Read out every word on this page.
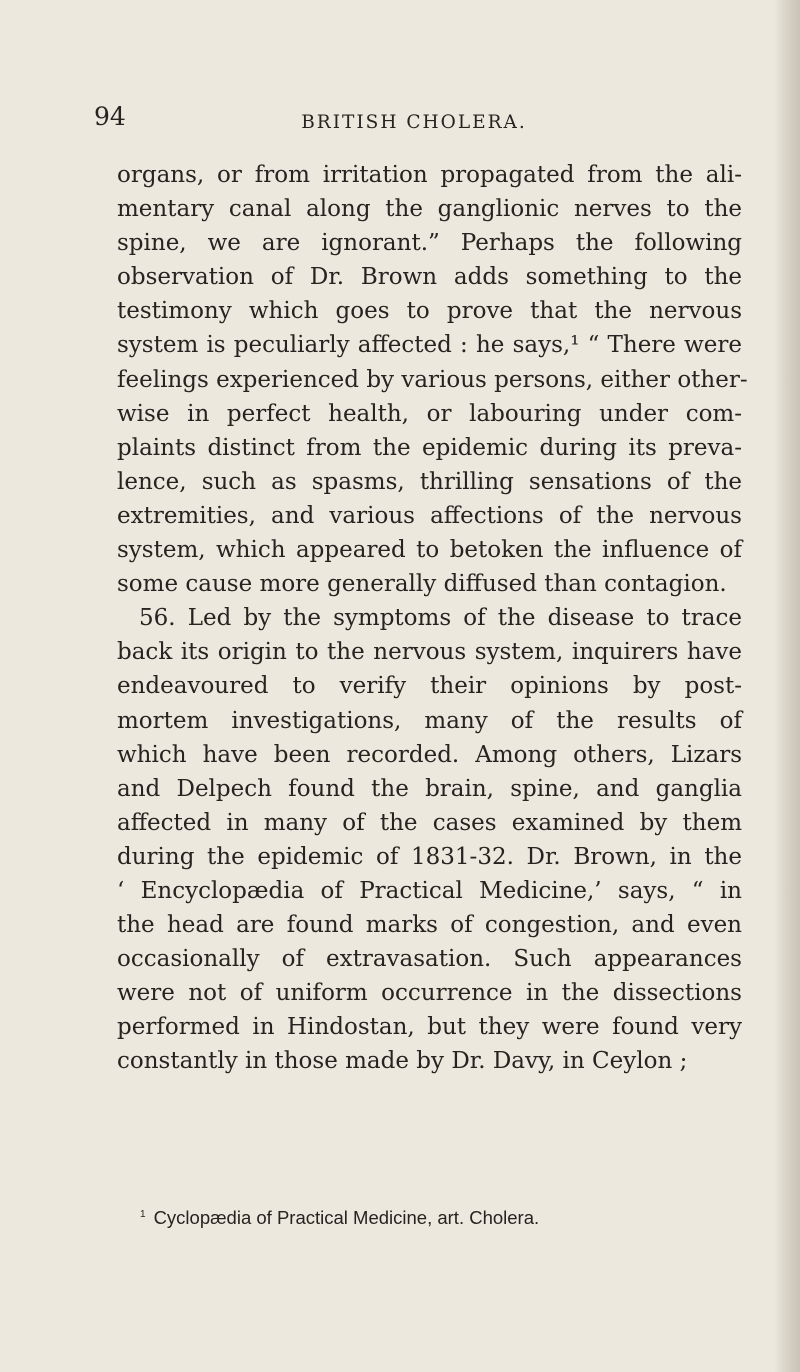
94	BRITISH CHOLERA.
organs, or from irritation propagated from the ali-
mentary canal along the ganglionic nerves to the
spine, we are ignorant.” Perhaps the following
observation of Dr. Brown adds something to the
testimony which goes to prove that the nervous
system is peculiarly affected : he says,¹ “ There were
feelings experienced by various persons, either other-
wise in perfect health, or labouring under com-
plaints distinct from the epidemic during its preva-
lence, such as spasms, thrilling sensations of the
extremities, and various affections of the nervous
system, which appeared to betoken the influence of
some cause more generally diffused than contagion.
56. Led by the symptoms of the disease to trace
back its origin to the nervous system, inquirers have
endeavoured to verify their opinions by post-
mortem investigations, many of the results of
which have been recorded. Among others, Lizars
and Delpech found the brain, spine, and ganglia
affected in many of the cases examined by them
during the epidemic of 1831-32. Dr. Brown, in the
‘ Encyclopædia of Practical Medicine,’ says, “ in
the head are found marks of congestion, and even
occasionally of extravasation. Such appearances
were not of uniform occurrence in the dissections
performed in Hindostan, but they were found very
constantly in those made by Dr. Davy, in Ceylon ;
$^1$ Cyclopædia of Practical Medicine, art. Cholera.
